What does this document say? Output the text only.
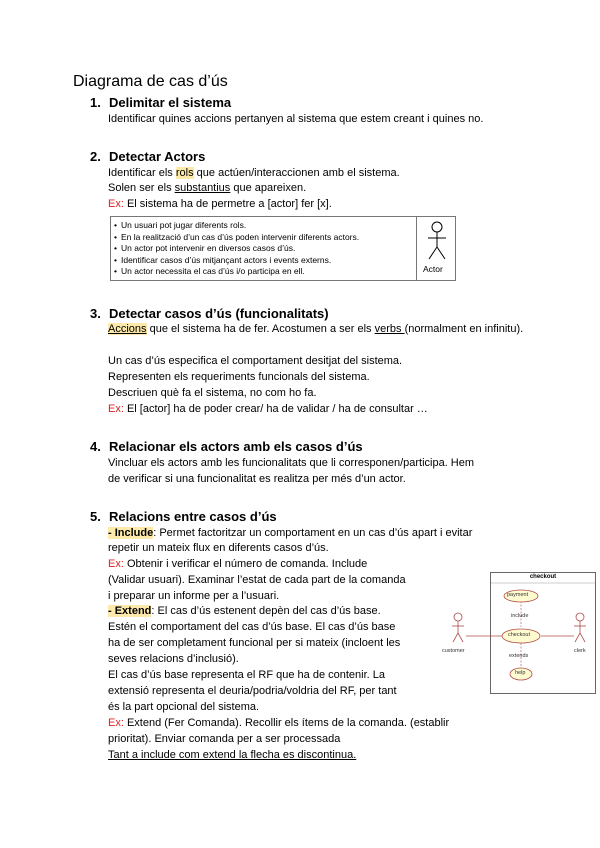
Diagrama de cas d’ús
1. Delimitar el sistema
Identificar quines accions pertanyen al sistema que estem creant i quines no.
2. Detectar Actors
Identificar els rols que actúen/interaccionen amb el sistema.
Solen ser els substantius que apareixen.
Ex: El sistema ha de permetre a [actor] fer [x].
• Un usuari pot jugar diferents rols.
• En la realització d’un cas d’ús poden intervenir diferents actors.
• Un actor pot intervenir en diversos casos d’ús.
• Identificar casos d’ús mitjançant actors i events externs.
• Un actor necessita el cas d’ús i/o participa en ell.	Actor
3. Detectar casos d’ús (funcionalitats)
Accions que el sistema ha de fer. Acostumen a ser els verbs (normalment en infinitu).
Un cas d’ús especifica el comportament desitjat del sistema.
Representen els requeriments funcionals del sistema.
Descriuen què fa el sistema, no com ho fa.
Ex: El [actor] ha de poder crear/ ha de validar / ha de consultar …
4. Relacionar els actors amb els casos d’ús
Vincluar els actors amb les funcionalitats que li corresponen/participa. Hem
de verificar si una funcionalitat es realitza per més d’un actor.
5. Relacions entre casos d’ús
- Include: Permet factoritzar un comportament en un cas d’ús apart i evitar
repetir un mateix flux en diferents casos d’ús.
Ex: Obtenir i verificar el número de comanda. Include
(Validar usuari). Examinar l’estat de cada part de la comanda
i preparar un informe per a l’usuari.
- Extend: El cas d’ús estenent depèn del cas d’ús base.
Estén el comportament del cas d’ús base. El cas d’ús base
ha de ser completament funcional per si mateix (incloent les
seves relacions d’inclusió).
El cas d’ús base representa el RF que ha de contenir. La
extensió representa el deuria/podria/voldria del RF, per tant
és la part opcional del sistema.
Ex: Extend (Fer Comanda). Recollir els ítems de la comanda. (establir
prioritat). Enviar comanda per a ser processada
Tant a include com extend la flecha es discontinua.
checkout
payment
checkout
help
include
extends
customer	clerk
